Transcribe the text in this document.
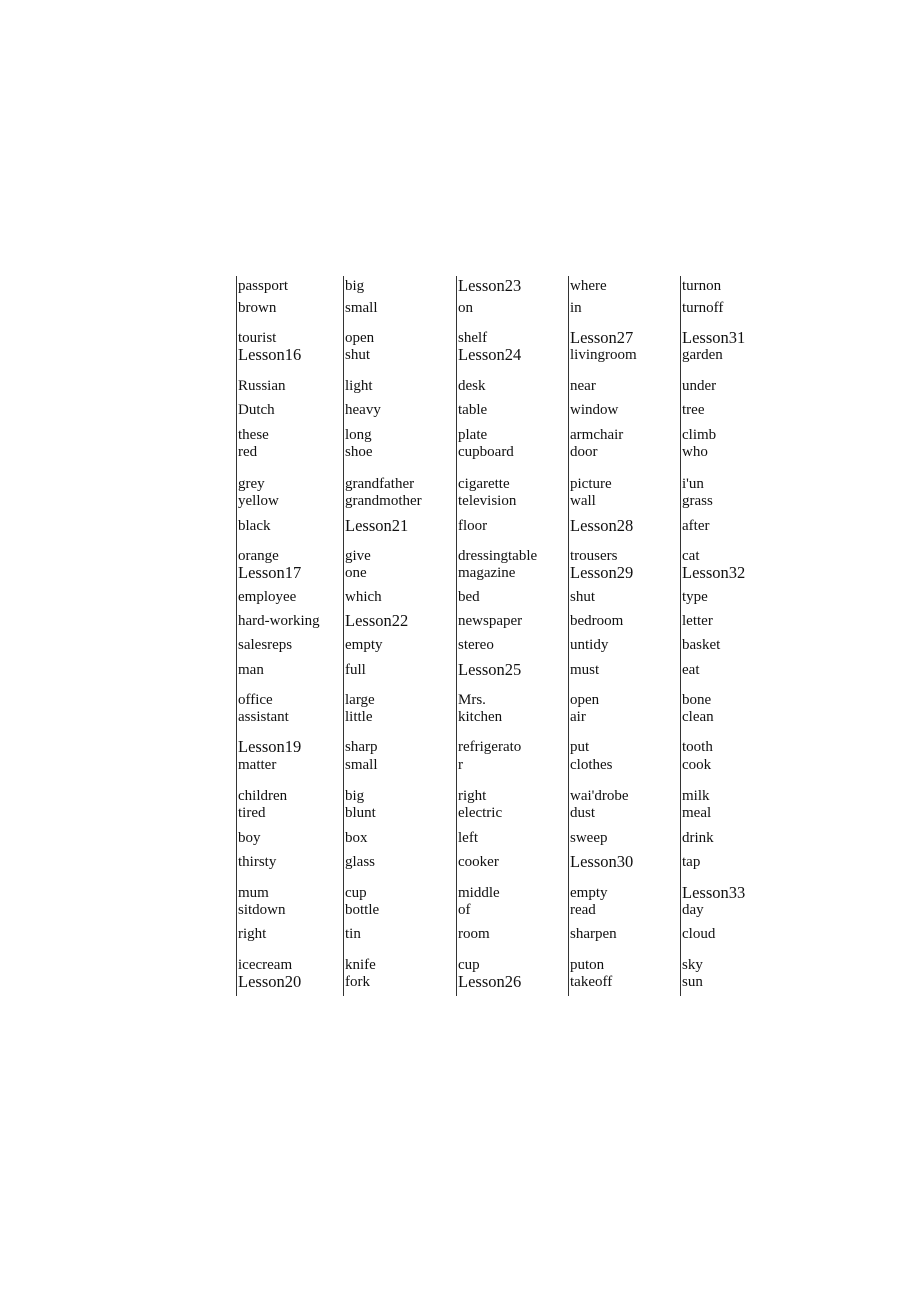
passport
brown
tourist
Lesson16
Russian
Dutch
these
red
grey
yellow
black
orange
Lesson17
employee
hard-working
salesreps
man
office
assistant
Lesson19
matter
children
tired
boy
thirsty
mum
sitdown
right
icecream
Lesson20
big
small
open
shut
light
heavy
long
shoe
grandfather
grandmother
Lesson21
give
one
which
Lesson22
empty
full
large
little
sharp
small
big
blunt
box
glass
cup
bottle
tin
knife
fork
Lesson23
on
shelf
Lesson24
desk
table
plate
cupboard
cigarette
television
floor
dressingtable
magazine
bed
newspaper
stereo
Lesson25
Mrs.
kitchen
refrigerato
r
right
electric
left
cooker
middle
of
room
cup
Lesson26
where
in
Lesson27
livingroom
near
window
armchair
door
picture
wall
Lesson28
trousers
Lesson29
shut
bedroom
untidy
must
open
air
put
clothes
wai'drobe
dust
sweep
Lesson30
empty
read
sharpen
puton
takeoff
turnon
turnoff
Lesson31
garden
under
tree
climb
who
i'un
grass
after
cat
Lesson32
type
letter
basket
eat
bone
clean
tooth
cook
milk
meal
drink
tap
Lesson33
day
cloud
sky
sun
